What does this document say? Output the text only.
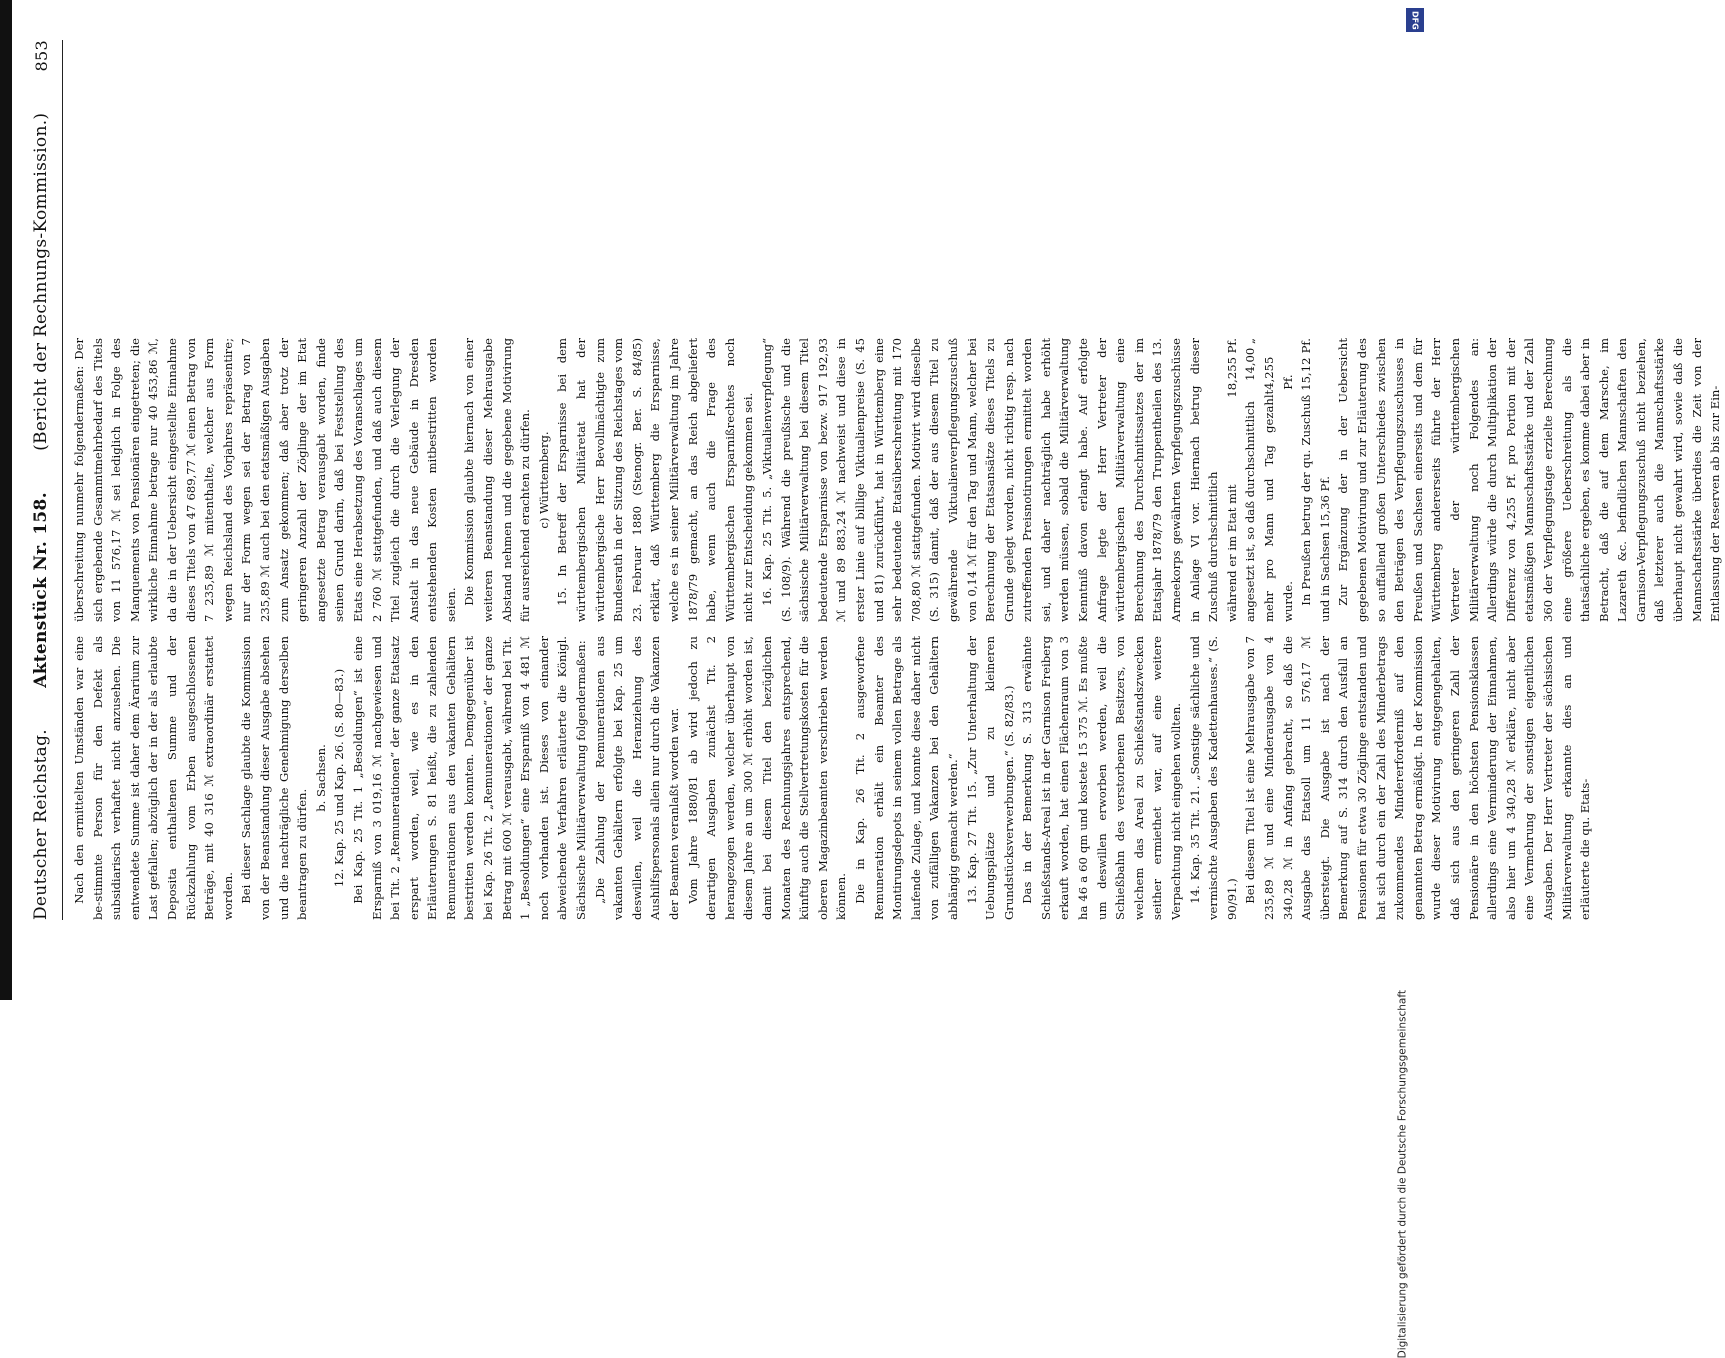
Deutscher Reichstag.
Aktenstück Nr. 158.
(Bericht der Rechnungs-Kommission.)
853

Nach den ermittelten Umständen war eine be-stimmte Person für den Defekt als subsidiarisch verhaftet nicht anzusehen. Die entwendete Summe ist daher dem Ärarium zur Last gefallen; abzüglich der in der als erlaubte Deposita enthaltenen Summe und der Rückzahlung vom Erben ausgeschlossenen Beträge, mit 40 316 ℳ extraordinär erstattet worden. Bei dieser Sachlage glaubte die Kommission von der Beanstandung dieser Ausgabe absehen und die nachträgliche Genehmigung derselben beantragen zu dürfen.

b. Sachsen. 12. Kap. 25 und Kap. 26. (S. 80—83.) Bei Kap. 25 Tit. 1 „Besoldungen“ ist eine Ersparniß von 3 019,16 ℳ nachgewiesen und bei Tit. 2 „Remunerationen“ der ganze Etatsatz erspart worden, weil, wie es in den Erläuterungen S. 81 heißt, die zu zahlenden Remunerationen aus den vakanten Gehältern bestritten werden konnten. Demgegenüber ist bei Kap. 26 Tit. 2 „Remunerationen“ der ganze Betrag mit 600 ℳ verausgabt, während bei Tit. 1 „Besoldungen“ eine Ersparniß von 4 481 ℳ noch vorhanden ist. Dieses von einander abweichende Verfahren erläuterte die Königl. Sächsische Militärverwaltung folgendermaßen: „Die Zahlung der Remunerationen aus vakanten Gehältern erfolgte bei Kap. 25 um deswillen, weil die Heranziehung des Aushilfspersonals allein nur durch die Vakanzen der Beamten veranlaßt worden war. Vom Jahre 1880/81 ab wird jedoch zu derartigen Ausgaben zunächst Tit. 2 herangezogen werden, welcher überhaupt von diesem Jahre an um 300 ℳ erhöht worden ist, damit bei diesem Titel den bezüglichen Monaten des Rechnungsjahres entsprechend, künftig auch die Stellvertretungskosten für die oberen Magazinbeamten verschrieben werden können. Die in Kap. 26 Tit. 2 ausgeworfene Remuneration erhält ein Beamter des Montirungsdepots in seinem vollen Betrage als laufende Zulage, und konnte diese daher nicht von zufälligen Vakanzen bei den Gehältern abhängig gemacht werden.“ 13. Kap. 27 Tit. 15. „Zur Unterhaltung der Uebungsplätze und zu kleineren Grundstücksverwerbungen.“ (S. 82/83.) Das in der Bemerkung S. 313 erwähnte Schießstands-Areal ist in der Garnison Freiberg erkauft worden, hat einen Flächenraum von 3 ha 46 a 60 qm und kostete 15 375 ℳ. Es mußte um deswillen erworben werden, weil die Schießbahn des verstorbenen Besitzers, von welchem das Areal zu Schießstandszwecken seither ermiethet war, auf eine weitere Verpachtung nicht eingehen wollten. 14. Kap. 35 Tit. 21. „Sonstige sächliche und vermischte Ausgaben des Kadettenhauses.“ (S. 90/91.) Bei diesem Titel ist eine Mehrausgabe von 7 235,89 ℳ und eine Minderausgabe von 4 340,28 ℳ in Anfang gebracht, so daß die Ausgabe das Etatsoll um 11 576,17 ℳ übersteigt. Die Ausgabe ist nach der Bemerkung auf S. 314 durch den Ausfall an Pensionen für etwa 30 Zöglinge entstanden und hat sich durch ein der Zahl des Minderbetrags zukommendes Mindererforderniß auf den genannten Betrag ermäßigt. In der Kommission wurde dieser Motivirung entgegengehalten, daß sich aus den geringeren Zahl der Pensionäre in den höchsten Pensionsklassen allerdings eine Verminderung der Einnahmen, also hier um 4 340,28 ℳ erkläre, nicht aber eine Vermehrung der sonstigen eigentlichen Ausgaben. Der Herr Vertreter der sächsischen Militärverwaltung erkannte dies an und erläuterte die qu. Etats-

überschreitung nunmehr folgendermaßen: Der sich ergebende Gesammtmehrbedarf des Titels von 11 576,17 ℳ sei lediglich in Folge des Manquements von Pensionären eingetreten; die wirkliche Einnahme betrage nur 40 453,86 ℳ, da die in der Uebersicht eingestellte Einnahme dieses Titels von 47 689,77 ℳ einen Betrag von 7 235,89 ℳ mitenthalte, welcher aus Form wegen Reichsland des Vorjahres repräsentire; nur der Form wegen sei der Betrag von 7 235,89 ℳ auch bei den etatsmäßigen Ausgaben zum Ansatz gekommen; daß aber trotz der geringeren Anzahl der Zöglinge der im Etat angesetzte Betrag verausgabt worden, finde seinen Grund darin, daß bei Feststellung des Etats eine Herabsetzung des Voranschlages um 2 760 ℳ stattgefunden, und daß auch diesem Titel zugleich die durch die Verlegung der Anstalt in das neue Gebäude in Dresden entstehenden Kosten mitbestritten worden seien. Die Kommission glaubte hiernach von einer weiteren Beanstandung dieser Mehrausgabe Abstand nehmen und die gegebene Motivirung für ausreichend erachten zu dürfen. c) Württemberg. 15. In Betreff der Ersparnisse bei dem württembergischen Militäretat hat der württembergische Herr Bevollmächtigte zum Bundesrath in der Sitzung des Reichstages vom 23. Februar 1880 (Stenogr. Ber. S. 84/85) erklärt, daß Württemberg die Ersparnisse, welche es in seiner Militärverwaltung im Jahre 1878/79 gemacht, an das Reich abgeliefert habe, wenn auch die Frage des Württembergischen Ersparnißrechtes noch nicht zur Entscheidung gekommen sei. 16. Kap. 25 Tit. 5. „Viktualienverpflegung“ (S. 108/9). Während die preußische und die sächsische Militärverwaltung bei diesem Titel bedeutende Ersparnisse von bezw. 917 192,93 ℳ und 89 883,24 ℳ nachweist und diese in erster Linie auf billige Viktualienpreise (S. 45 und 81) zurückführt, hat in Württemberg eine sehr bedeutende Etatsüberschreitung mit 170 708,80 ℳ stattgefunden. Motivirt wird dieselbe (S. 315) damit, daß der aus diesem Titel zu gewährende Viktualienverpflegungszuschuß von 0,14 ℳ für den Tag und Mann, welcher bei Berechnung der Etatsansätze dieses Titels zu Grunde gelegt worden, nicht richtig resp. nach zutreffenden Preisnotirungen ermittelt worden sei, und daher nachträglich habe erhöht werden müssen, sobald die Militärverwaltung Kenntniß davon erlangt habe. Auf erfolgte Anfrage legte der Herr Vertreter der württembergischen Militärverwaltung eine Berechnung des Durchschnittssatzes der im Etatsjahr 1878/79 den Truppentheilen des 13. Armeekorps gewährten Verpflegungszuschüsse in Anlage VI vor. Hiernach betrug dieser Zuschuß durchschnittlich während er im Etat mit
18,255 Pf.
angesetzt ist, so daß durchschnittlich
14,00 „
mehr pro Mann und Tag gezahlt wurde.
4,255 Pf. In Preußen betrug der qu. Zuschuß 15,12 Pf. und in Sachsen 15,36 Pf. Zur Ergänzung der in der Uebersicht gegebenen Motivirung und zur Erläuterung des so auffallend großen Unterschiedes zwischen den Beträgen des Verpflegungszuschusses in Preußen und Sachsen einerseits und dem für Württemberg andererseits führte der Herr Vertreter der württembergischen Militärverwaltung noch Folgendes an: Allerdings würde die durch Multiplikation der Differenz von 4,255 Pf. pro Portion mit der etatsmäßigen Mannschaftsstärke und der Zahl 360 der Verpflegungstage erzielte Berechnung eine größere Ueberschreitung als die thatsächliche ergeben, es komme dabei aber in Betracht, daß die auf dem Marsche, im Lazareth &c. befindlichen Mannschaften den Garnison-Verpflegungszuschuß nicht beziehen, daß letzterer auch die Mannschaftsstärke überhaupt nicht gewahrt wird, sowie daß die Mannschaftsstärke überdies die Zeit von der Entlassung der Reserven ab bis zur Ein-

DFG
Digitalisierung gefördert durch die Deutsche Forschungsgemeinschaft
